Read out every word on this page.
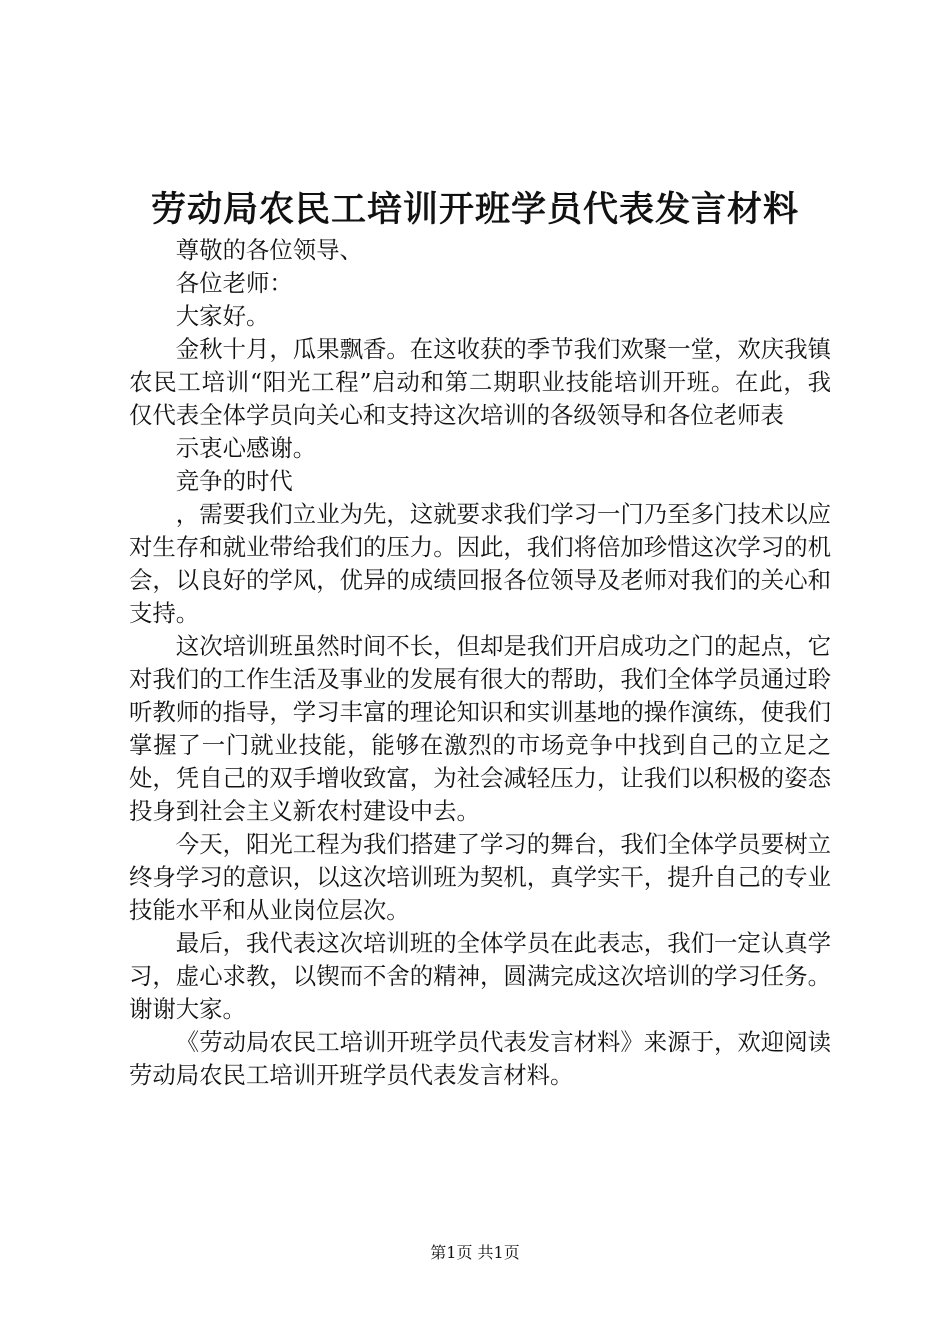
劳动局农民工培训开班学员代表发言材料

尊敬的各位领导、

各位老师：

大家好。

金秋十月，瓜果飘香。在这收获的季节我们欢聚一堂，欢庆我镇农民工培训“阳光工程”启动和第二期职业技能培训开班。在此，我仅代表全体学员向关心和支持这次培训的各级领导和各位老师表

示衷心感谢。

竞争的时代

，需要我们立业为先，这就要求我们学习一门乃至多门技术以应对生存和就业带给我们的压力。因此，我们将倍加珍惜这次学习的机会，以良好的学风，优异的成绩回报各位领导及老师对我们的关心和支持。

这次培训班虽然时间不长，但却是我们开启成功之门的起点，它对我们的工作生活及事业的发展有很大的帮助，我们全体学员通过聆听教师的指导，学习丰富的理论知识和实训基地的操作演练，使我们掌握了一门就业技能，能够在激烈的市场竞争中找到自己的立足之处，凭自己的双手增收致富，为社会减轻压力，让我们以积极的姿态投身到社会主义新农村建设中去。

今天，阳光工程为我们搭建了学习的舞台，我们全体学员要树立终身学习的意识，以这次培训班为契机，真学实干，提升自己的专业技能水平和从业岗位层次。

最后，我代表这次培训班的全体学员在此表志，我们一定认真学习，虚心求教，以锲而不舍的精神，圆满完成这次培训的学习任务。谢谢大家。

《劳动局农民工培训开班学员代表发言材料》来源于，欢迎阅读劳动局农民工培训开班学员代表发言材料。

第1页 共1页
